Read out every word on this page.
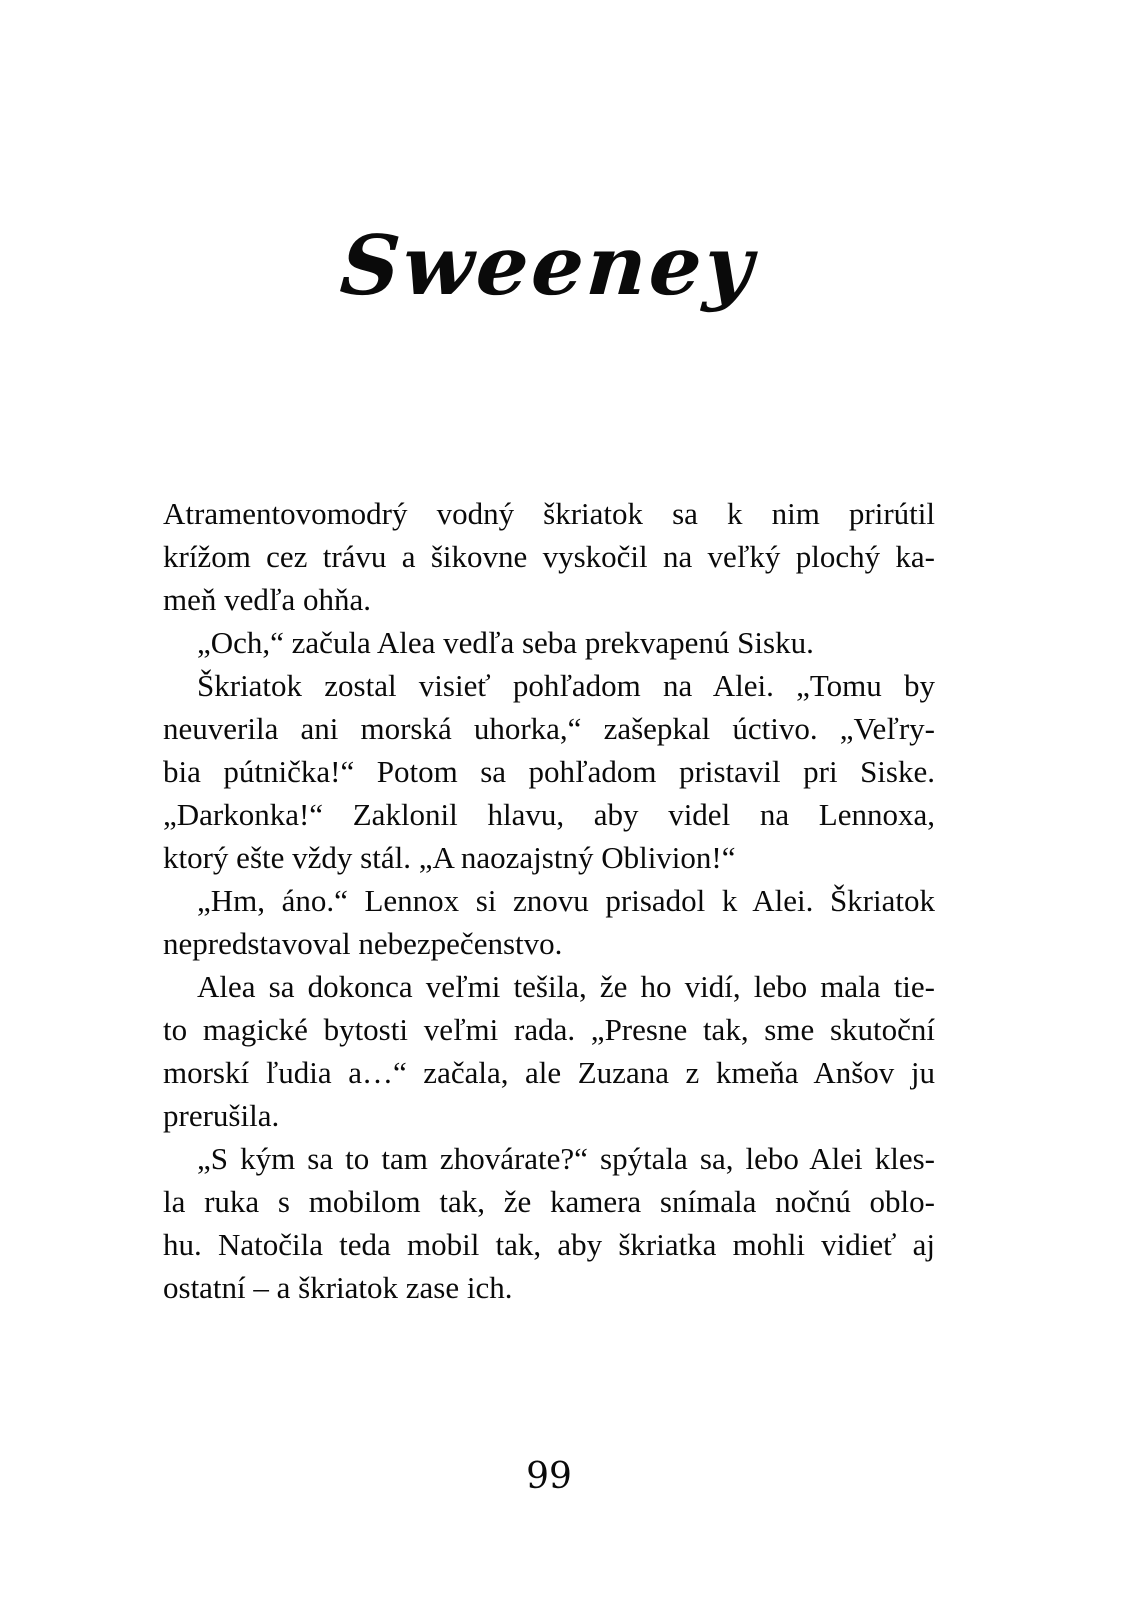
Sweeney
Atramentovomodrý vodný škriatok sa k nim prirútil
krížom cez trávu a šikovne vyskočil na veľký plochý ka-
meň vedľa ohňa.
„Och,“ začula Alea vedľa seba prekvapenú Sisku.
Škriatok zostal visieť pohľadom na Alei. „Tomu by
neuverila ani morská uhorka,“ zašepkal úctivo. „Veľry-
bia pútnička!“ Potom sa pohľadom pristavil pri Siske.
„Darkonka!“ Zaklonil hlavu, aby videl na Lennoxa,
ktorý ešte vždy stál. „A naozajstný Oblivion!“
„Hm, áno.“ Lennox si znovu prisadol k Alei. Škriatok
nepredstavoval nebezpečenstvo.
Alea sa dokonca veľmi tešila, že ho vidí, lebo mala tie-
to magické bytosti veľmi rada. „Presne tak, sme skutoční
morskí ľudia a…“ začala, ale Zuzana z kmeňa Anšov ju
prerušila.
„S kým sa to tam zhovárate?“ spýtala sa, lebo Alei kles-
la ruka s mobilom tak, že kamera snímala nočnú oblo-
hu. Natočila teda mobil tak, aby škriatka mohli vidieť aj
ostatní – a škriatok zase ich.
99
